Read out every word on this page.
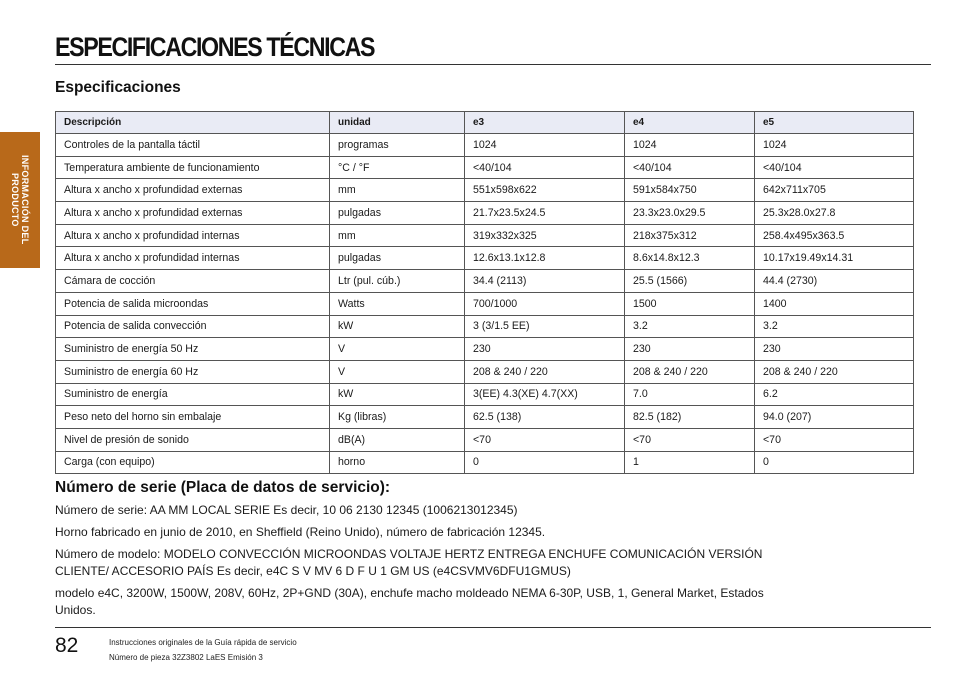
ESPECIFICACIONES TÉCNICAS
INFORMACIÓN DEL PRODUCTO
Especificaciones
Descripción	unidad	e3	e4	e5
Controles de la pantalla táctil	programas	1024	1024	1024
Temperatura ambiente de funcionamiento	°C / °F	<40/104	<40/104	<40/104
Altura x ancho x profundidad externas	mm	551x598x622	591x584x750	642x711x705
Altura x ancho x profundidad externas	pulgadas	21.7x23.5x24.5	23.3x23.0x29.5	25.3x28.0x27.8
Altura x ancho x profundidad internas	mm	319x332x325	218x375x312	258.4x495x363.5
Altura x ancho x profundidad internas	pulgadas	12.6x13.1x12.8	8.6x14.8x12.3	10.17x19.49x14.31
Cámara de cocción	Ltr (pul. cúb.)	34.4 (2113)	25.5 (1566)	44.4 (2730)
Potencia de salida microondas	Watts	700/1000	1500	1400
Potencia de salida convección	kW	3 (3/1.5 EE)	3.2	3.2
Suministro de energía 50 Hz	V	230	230	230
Suministro de energía 60 Hz	V	208 & 240 / 220	208 & 240 / 220	208 & 240 / 220
Suministro de energía	kW	3(EE) 4.3(XE) 4.7(XX)	7.0	6.2
Peso neto del horno sin embalaje	Kg (libras)	62.5 (138)	82.5 (182)	94.0 (207)
Nivel de presión de sonido	dB(A)	<70	<70	<70
Carga (con equipo)	horno	0	1	0
Número de serie (Placa de datos de servicio):

Número de serie: AA MM LOCAL SERIE Es decir, 10 06 2130 12345 (1006213012345)

Horno fabricado en junio de 2010, en Sheffield (Reino Unido), número de fabricación 12345.

Número de modelo: MODELO CONVECCIÓN MICROONDAS VOLTAJE HERTZ ENTREGA ENCHUFE COMUNICACIÓN VERSIÓN CLIENTE/ ACCESORIO PAÍS Es decir, e4C S V MV 6 D F U 1 GM US (e4CSVMV6DFU1GMUS)

modelo e4C, 3200W, 1500W, 208V, 60Hz, 2P+GND (30A), enchufe macho moldeado NEMA 6-30P, USB, 1, General Market, Estados Unidos.

82	Instrucciones originales de la Guía rápida de servicio

Número de pieza 32Z3802 LaES Emisión 3
